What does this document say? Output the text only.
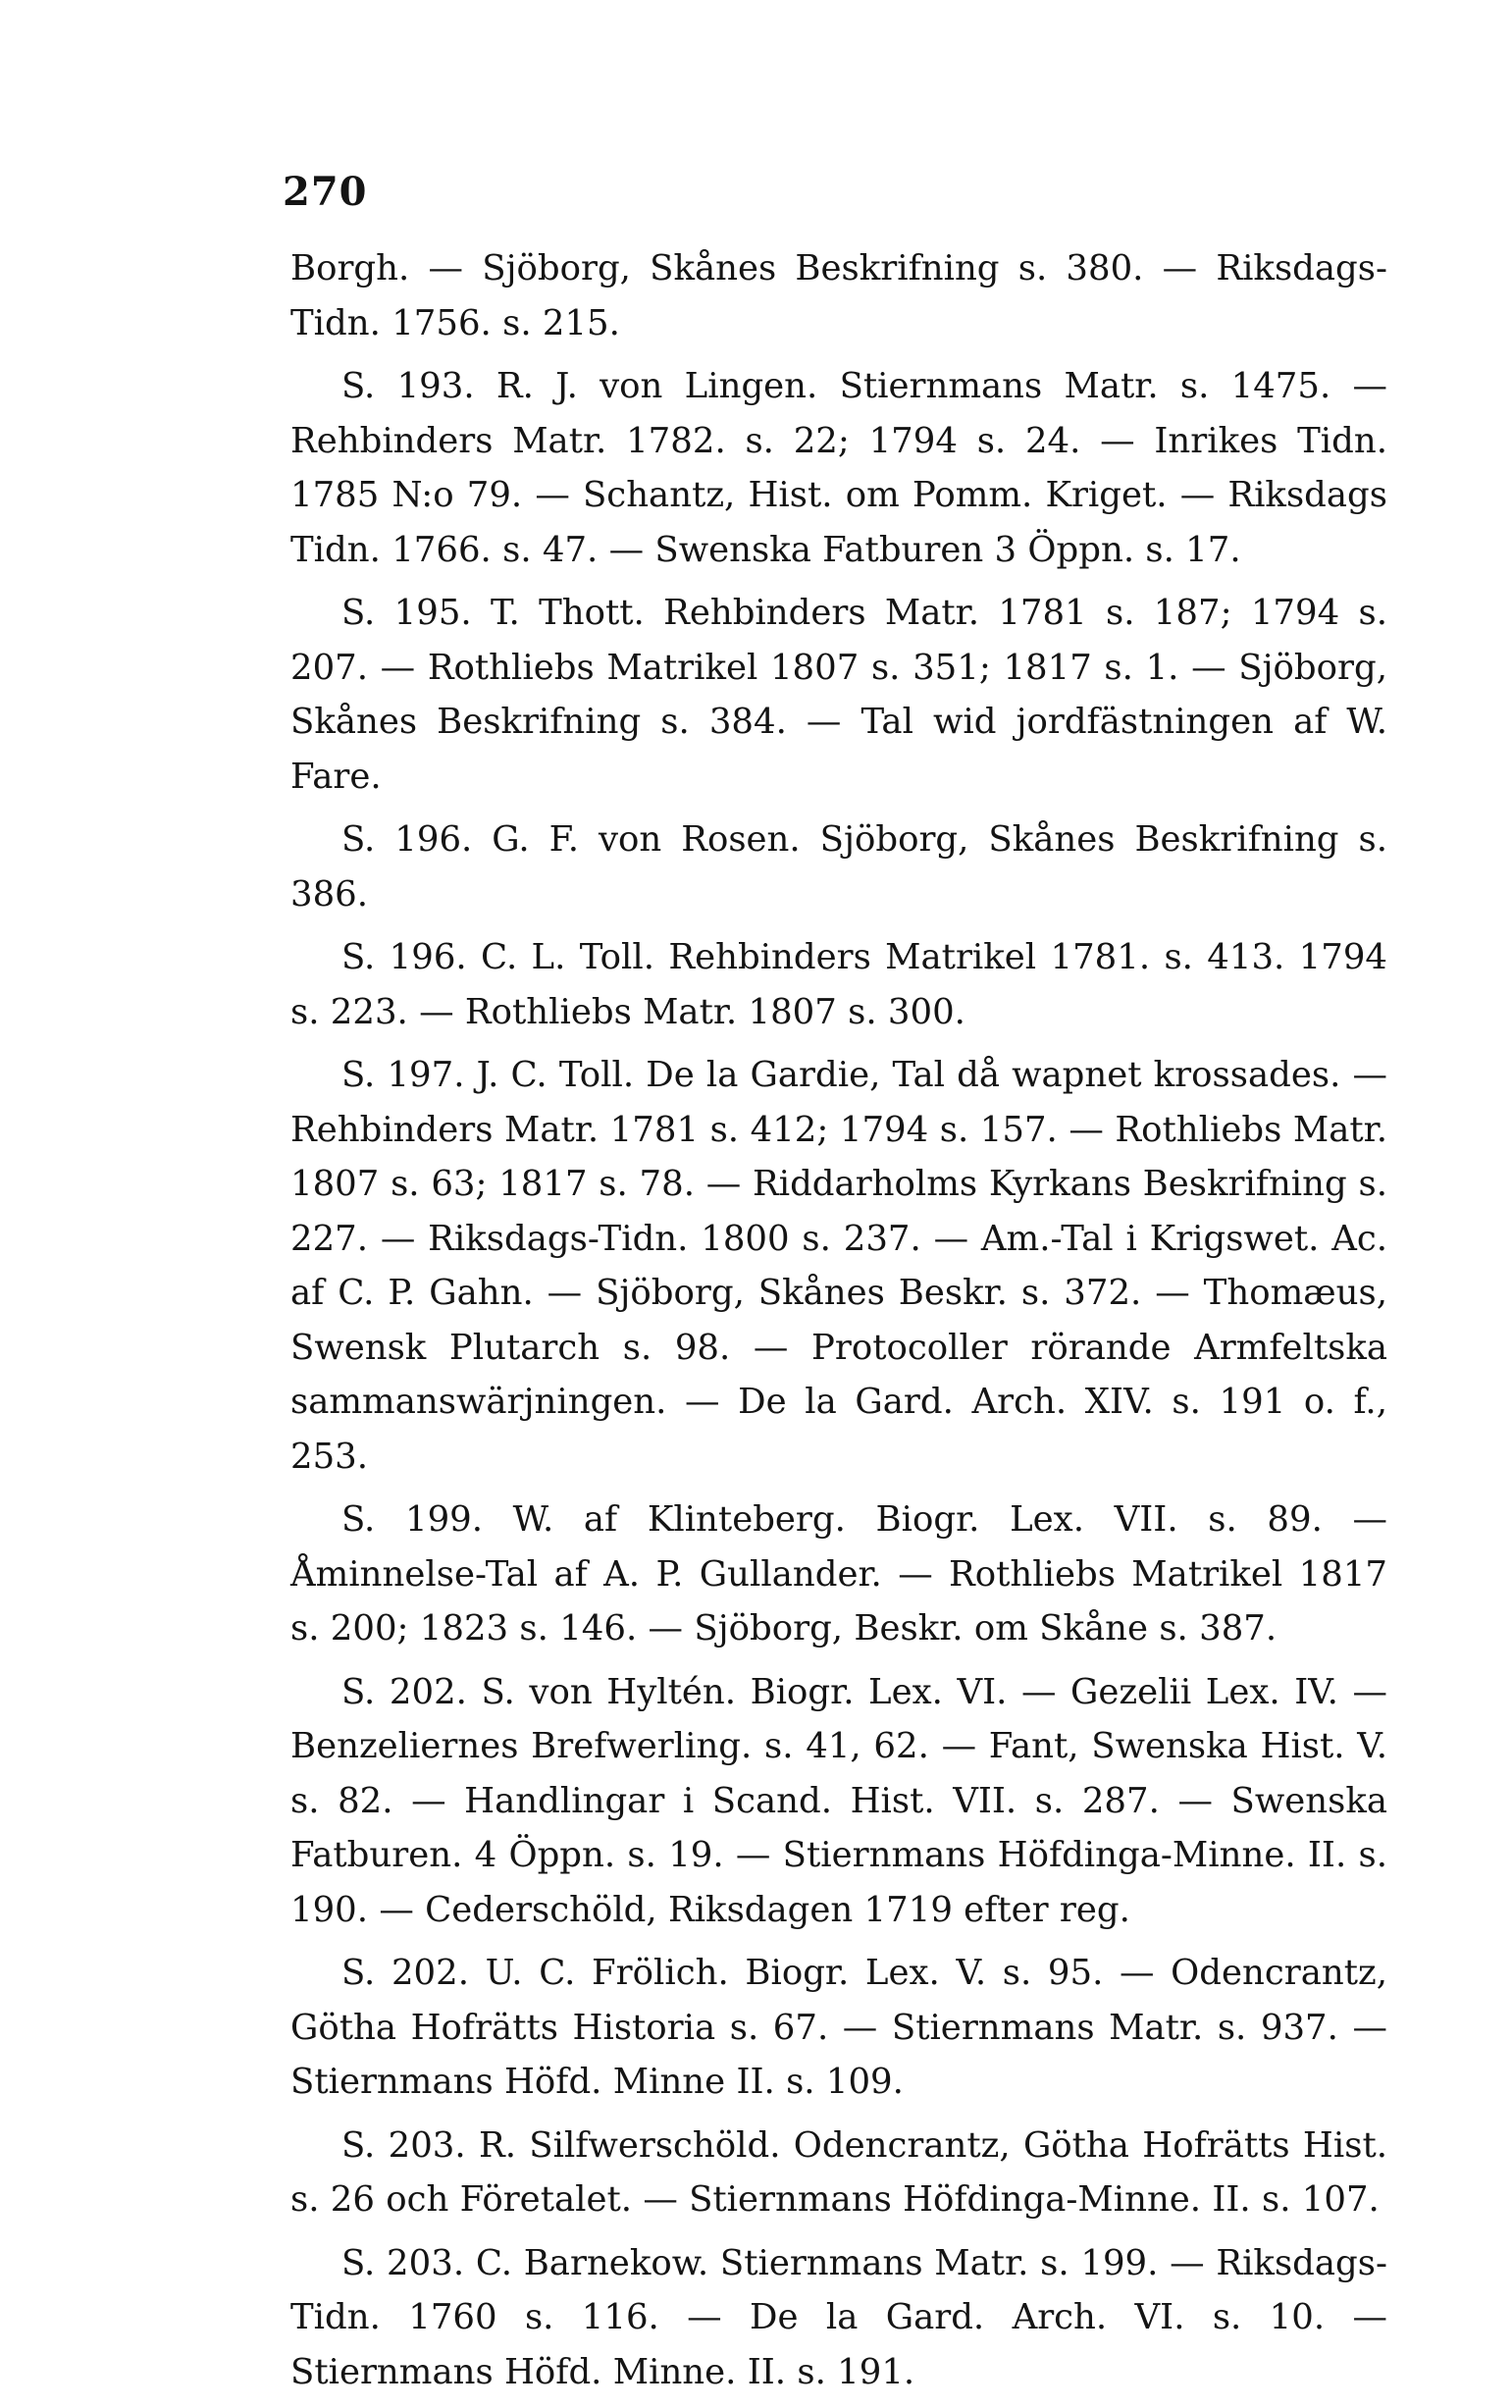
270

Borgh. — Sjöborg, Skånes Beskrifning s. 380. — Riksdags-Tidn. 1756. s. 215.

S. 193. R. J. von Lingen. Stiernmans Matr. s. 1475. — Rehbinders Matr. 1782. s. 22; 1794 s. 24. — Inrikes Tidn. 1785 N:o 79. — Schantz, Hist. om Pomm. Kriget. — Riksdags Tidn. 1766. s. 47. — Swenska Fatburen 3 Öppn. s. 17.

S. 195. T. Thott. Rehbinders Matr. 1781 s. 187; 1794 s. 207. — Rothliebs Matrikel 1807 s. 351; 1817 s. 1. — Sjöborg, Skånes Beskrifning s. 384. — Tal wid jordfästningen af W. Fare.

S. 196. G. F. von Rosen. Sjöborg, Skånes Beskrifning s. 386.

S. 196. C. L. Toll. Rehbinders Matrikel 1781. s. 413. 1794 s. 223. — Rothliebs Matr. 1807 s. 300.

S. 197. J. C. Toll. De la Gardie, Tal då wapnet krossades. — Rehbinders Matr. 1781 s. 412; 1794 s. 157. — Rothliebs Matr. 1807 s. 63; 1817 s. 78. — Riddarholms Kyrkans Beskrifning s. 227. — Riksdags-Tidn. 1800 s. 237. — Am.-Tal i Krigswet. Ac. af C. P. Gahn. — Sjöborg, Skånes Beskr. s. 372. — Thomæus, Swensk Plutarch s. 98. — Protocoller rörande Armfeltska sammanswärjningen. — De la Gard. Arch. XIV. s. 191 o. f., 253.

S. 199. W. af Klinteberg. Biogr. Lex. VII. s. 89. — Åminnelse-Tal af A. P. Gullander. — Rothliebs Matrikel 1817 s. 200; 1823 s. 146. — Sjöborg, Beskr. om Skåne s. 387.

S. 202. S. von Hyltén. Biogr. Lex. VI. — Gezelii Lex. IV. — Benzeliernes Brefwerling. s. 41, 62. — Fant, Swenska Hist. V. s. 82. — Handlingar i Scand. Hist. VII. s. 287. — Swenska Fatburen. 4 Öppn. s. 19. — Stiernmans Höfdinga-Minne. II. s. 190. — Cederschöld, Riksdagen 1719 efter reg.

S. 202. U. C. Frölich. Biogr. Lex. V. s. 95. — Odencrantz, Götha Hofrätts Historia s. 67. — Stiernmans Matr. s. 937. — Stiernmans Höfd. Minne II. s. 109.

S. 203. R. Silfwerschöld. Odencrantz, Götha Hofrätts Hist. s. 26 och Företalet. — Stiernmans Höfdinga-Minne. II. s. 107.

S. 203. C. Barnekow. Stiernmans Matr. s. 199. — Riksdags-Tidn. 1760 s. 116. — De la Gard. Arch. VI. s. 10. — Stiernmans Höfd. Minne. II. s. 191.
